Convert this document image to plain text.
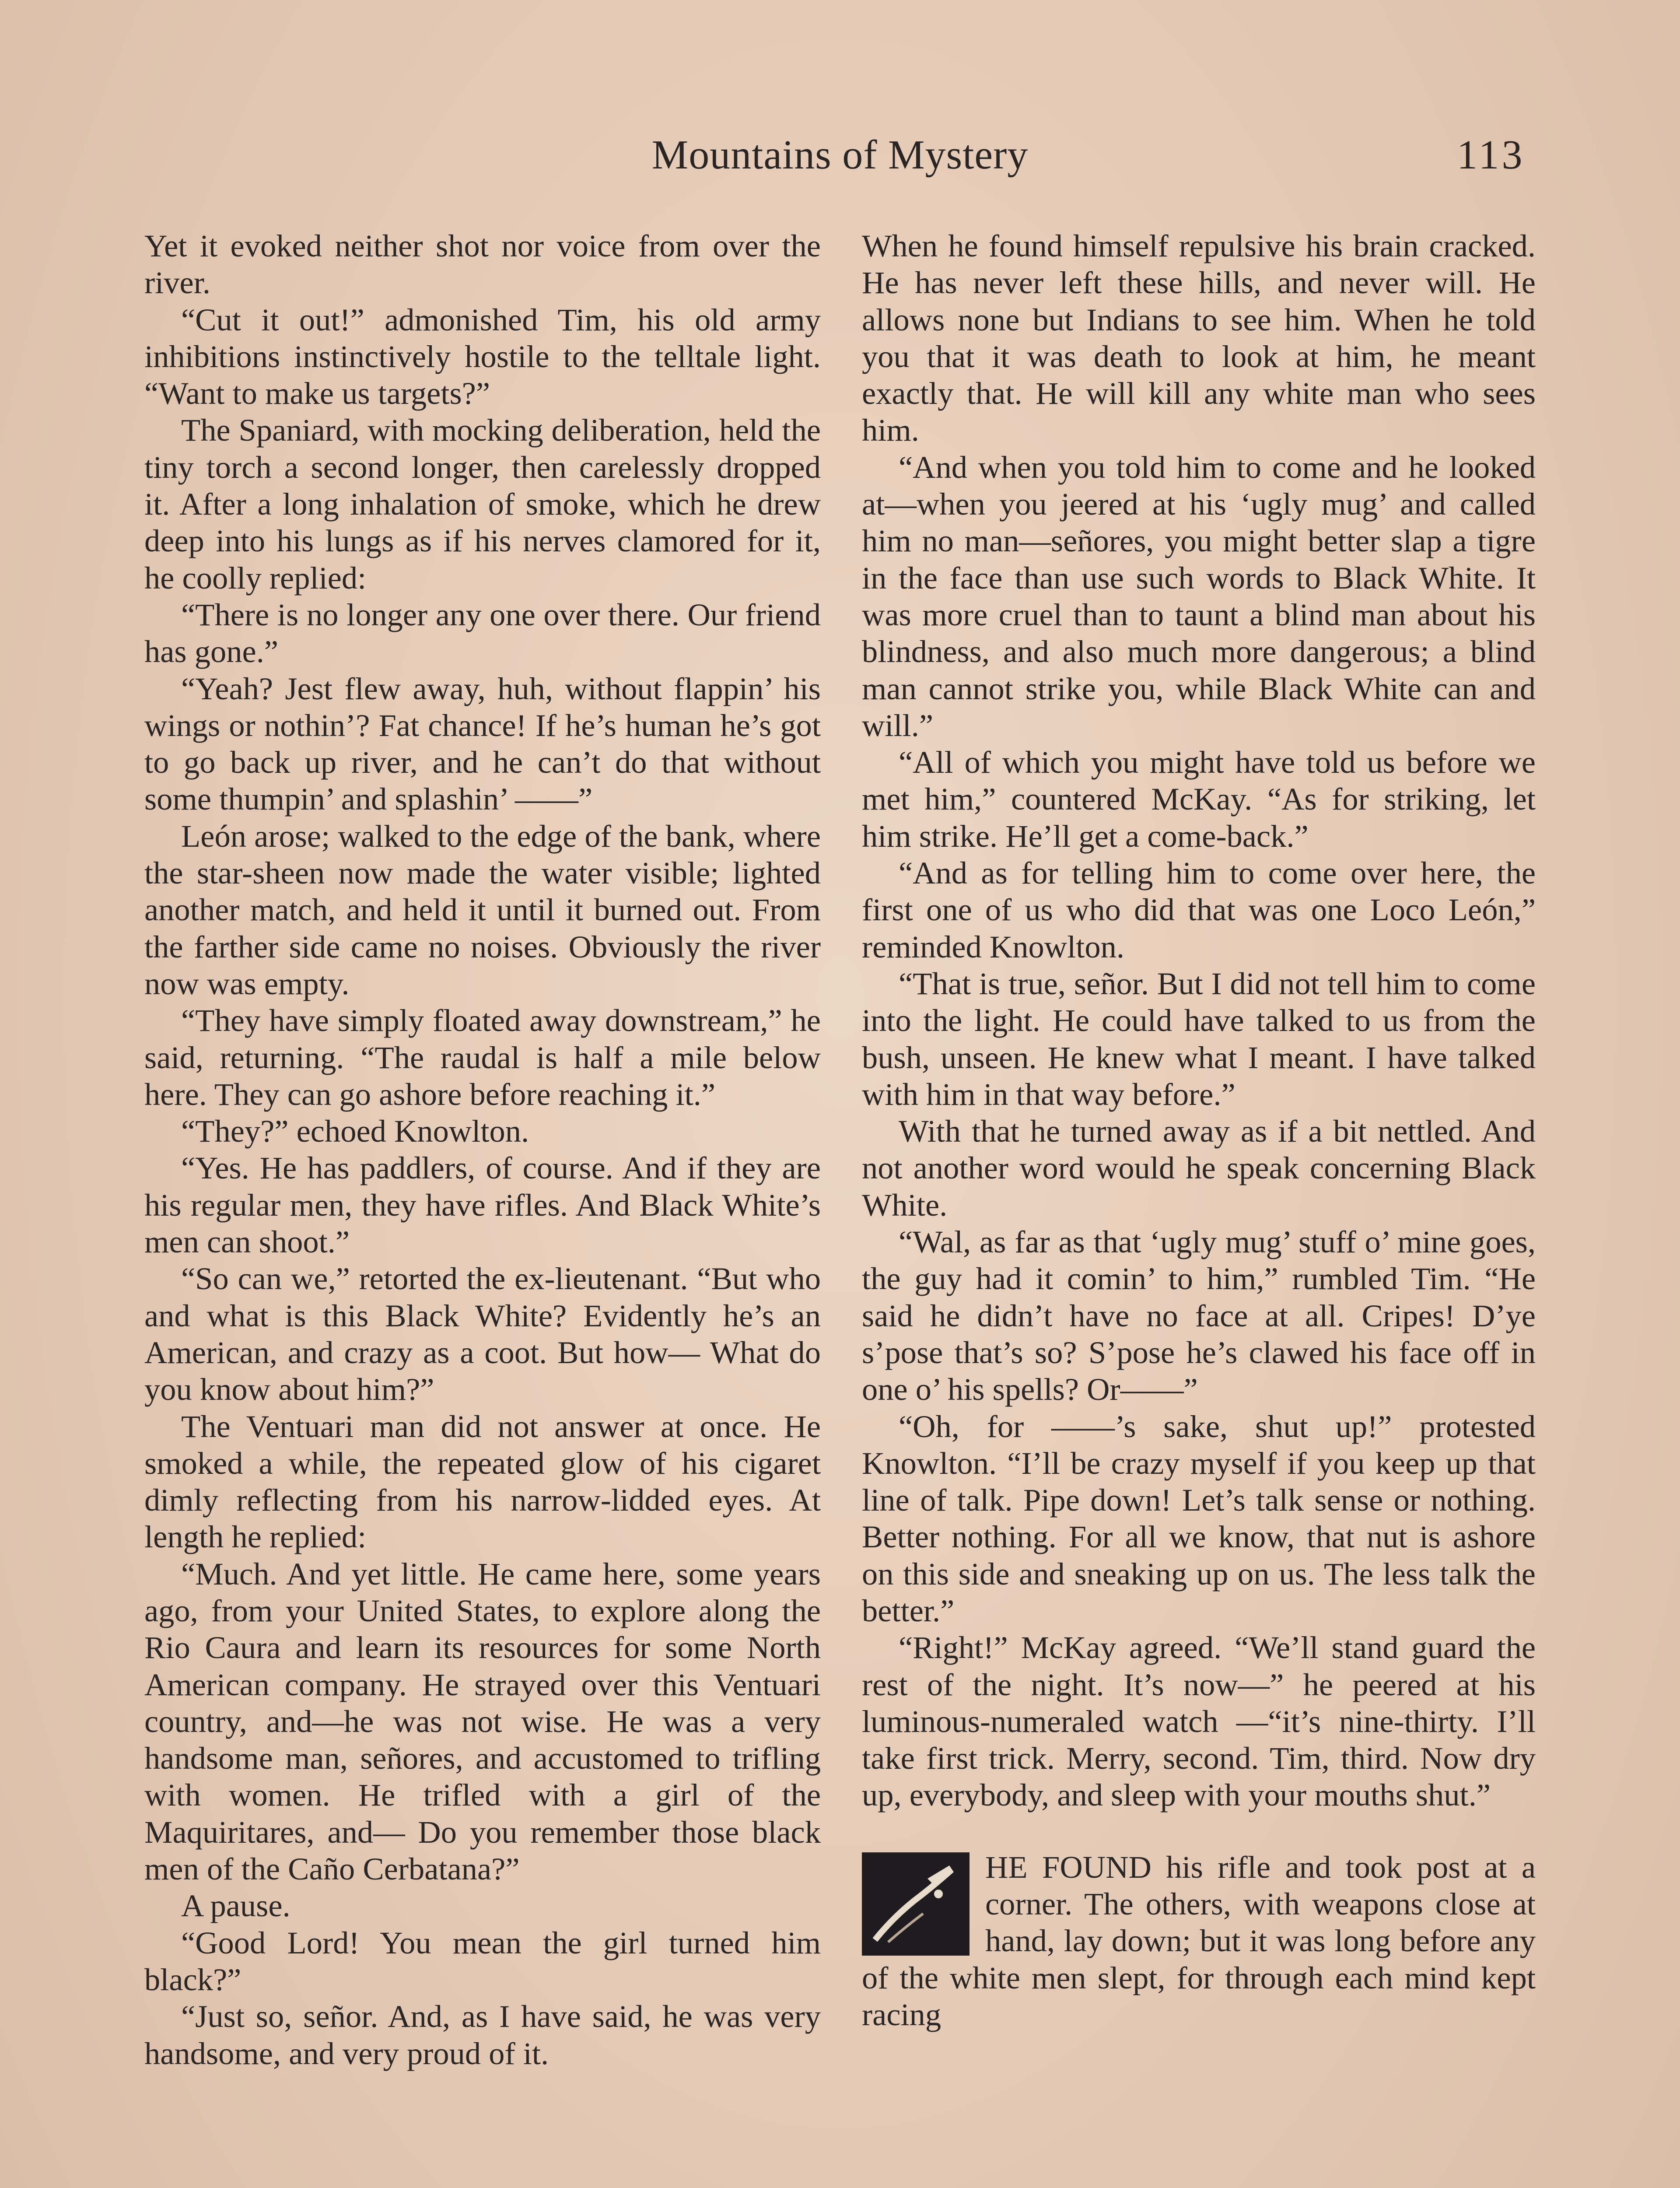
Mountains of Mystery	113

Yet it evoked neither shot nor voice from over the river.

“Cut it out!” admonished Tim, his old army inhibitions instinctively hostile to the telltale light. “Want to make us targets?”

The Spaniard, with mocking deliberation, held the tiny torch a second longer, then carelessly dropped it. After a long inhalation of smoke, which he drew deep into his lungs as if his nerves clamored for it, he coolly replied:

“There is no longer any one over there. Our friend has gone.”

“Yeah? Jest flew away, huh, without flappin’ his wings or nothin’? Fat chance! If he’s human he’s got to go back up river, and he can’t do that without some thumpin’ and splashin’ ——”

León arose; walked to the edge of the bank, where the star-sheen now made the water visible; lighted another match, and held it until it burned out. From the farther side came no noises. Obviously the river now was empty.

“They have simply floated away downstream,” he said, returning. “The raudal is half a mile below here. They can go ashore before reaching it.”

“They?” echoed Knowlton.

“Yes. He has paddlers, of course. And if they are his regular men, they have rifles. And Black White’s men can shoot.”

“So can we,” retorted the ex-lieutenant. “But who and what is this Black White? Evidently he’s an American, and crazy as a coot. But how— What do you know about him?”

The Ventuari man did not answer at once. He smoked a while, the repeated glow of his cigaret dimly reflecting from his narrow-lidded eyes. At length he replied:

“Much. And yet little. He came here, some years ago, from your United States, to explore along the Rio Caura and learn its resources for some North American company. He strayed over this Ventuari country, and—he was not wise. He was a very handsome man, señores, and accustomed to trifling with women. He trifled with a girl of the Maquiritares, and— Do you remember those black men of the Caño Cerbatana?”

A pause.

“Good Lord! You mean the girl turned him black?”

“Just so, señor. And, as I have said, he was very handsome, and very proud of it.

When he found himself repulsive his brain cracked. He has never left these hills, and never will. He allows none but Indians to see him. When he told you that it was death to look at him, he meant exactly that. He will kill any white man who sees him.

“And when you told him to come and he looked at—when you jeered at his ‘ugly mug’ and called him no man—señores, you might better slap a tigre in the face than use such words to Black White. It was more cruel than to taunt a blind man about his blindness, and also much more dangerous; a blind man cannot strike you, while Black White can and will.”

“All of which you might have told us before we met him,” countered McKay. “As for striking, let him strike. He’ll get a come-back.”

“And as for telling him to come over here, the first one of us who did that was one Loco León,” reminded Knowlton.

“That is true, señor. But I did not tell him to come into the light. He could have talked to us from the bush, unseen. He knew what I meant. I have talked with him in that way before.”

With that he turned away as if a bit nettled. And not another word would he speak concerning Black White.

“Wal, as far as that ‘ugly mug’ stuff o’ mine goes, the guy had it comin’ to him,” rumbled Tim. “He said he didn’t have no face at all. Cripes! D’ye s’pose that’s so? S’pose he’s clawed his face off in one o’ his spells? Or——”

“Oh, for ——’s sake, shut up!” protested Knowlton. “I’ll be crazy myself if you keep up that line of talk. Pipe down! Let’s talk sense or nothing. Better nothing. For all we know, that nut is ashore on this side and sneaking up on us. The less talk the better.”

“Right!” McKay agreed. “We’ll stand guard the rest of the night. It’s now—” he peered at his luminous-numeraled watch —“it’s nine-thirty. I’ll take first trick. Merry, second. Tim, third. Now dry up, everybody, and sleep with your mouths shut.”

HE FOUND his rifle and took post at a corner. The others, with weapons close at hand, lay down; but it was long before any of the white men slept, for through each mind kept racing
